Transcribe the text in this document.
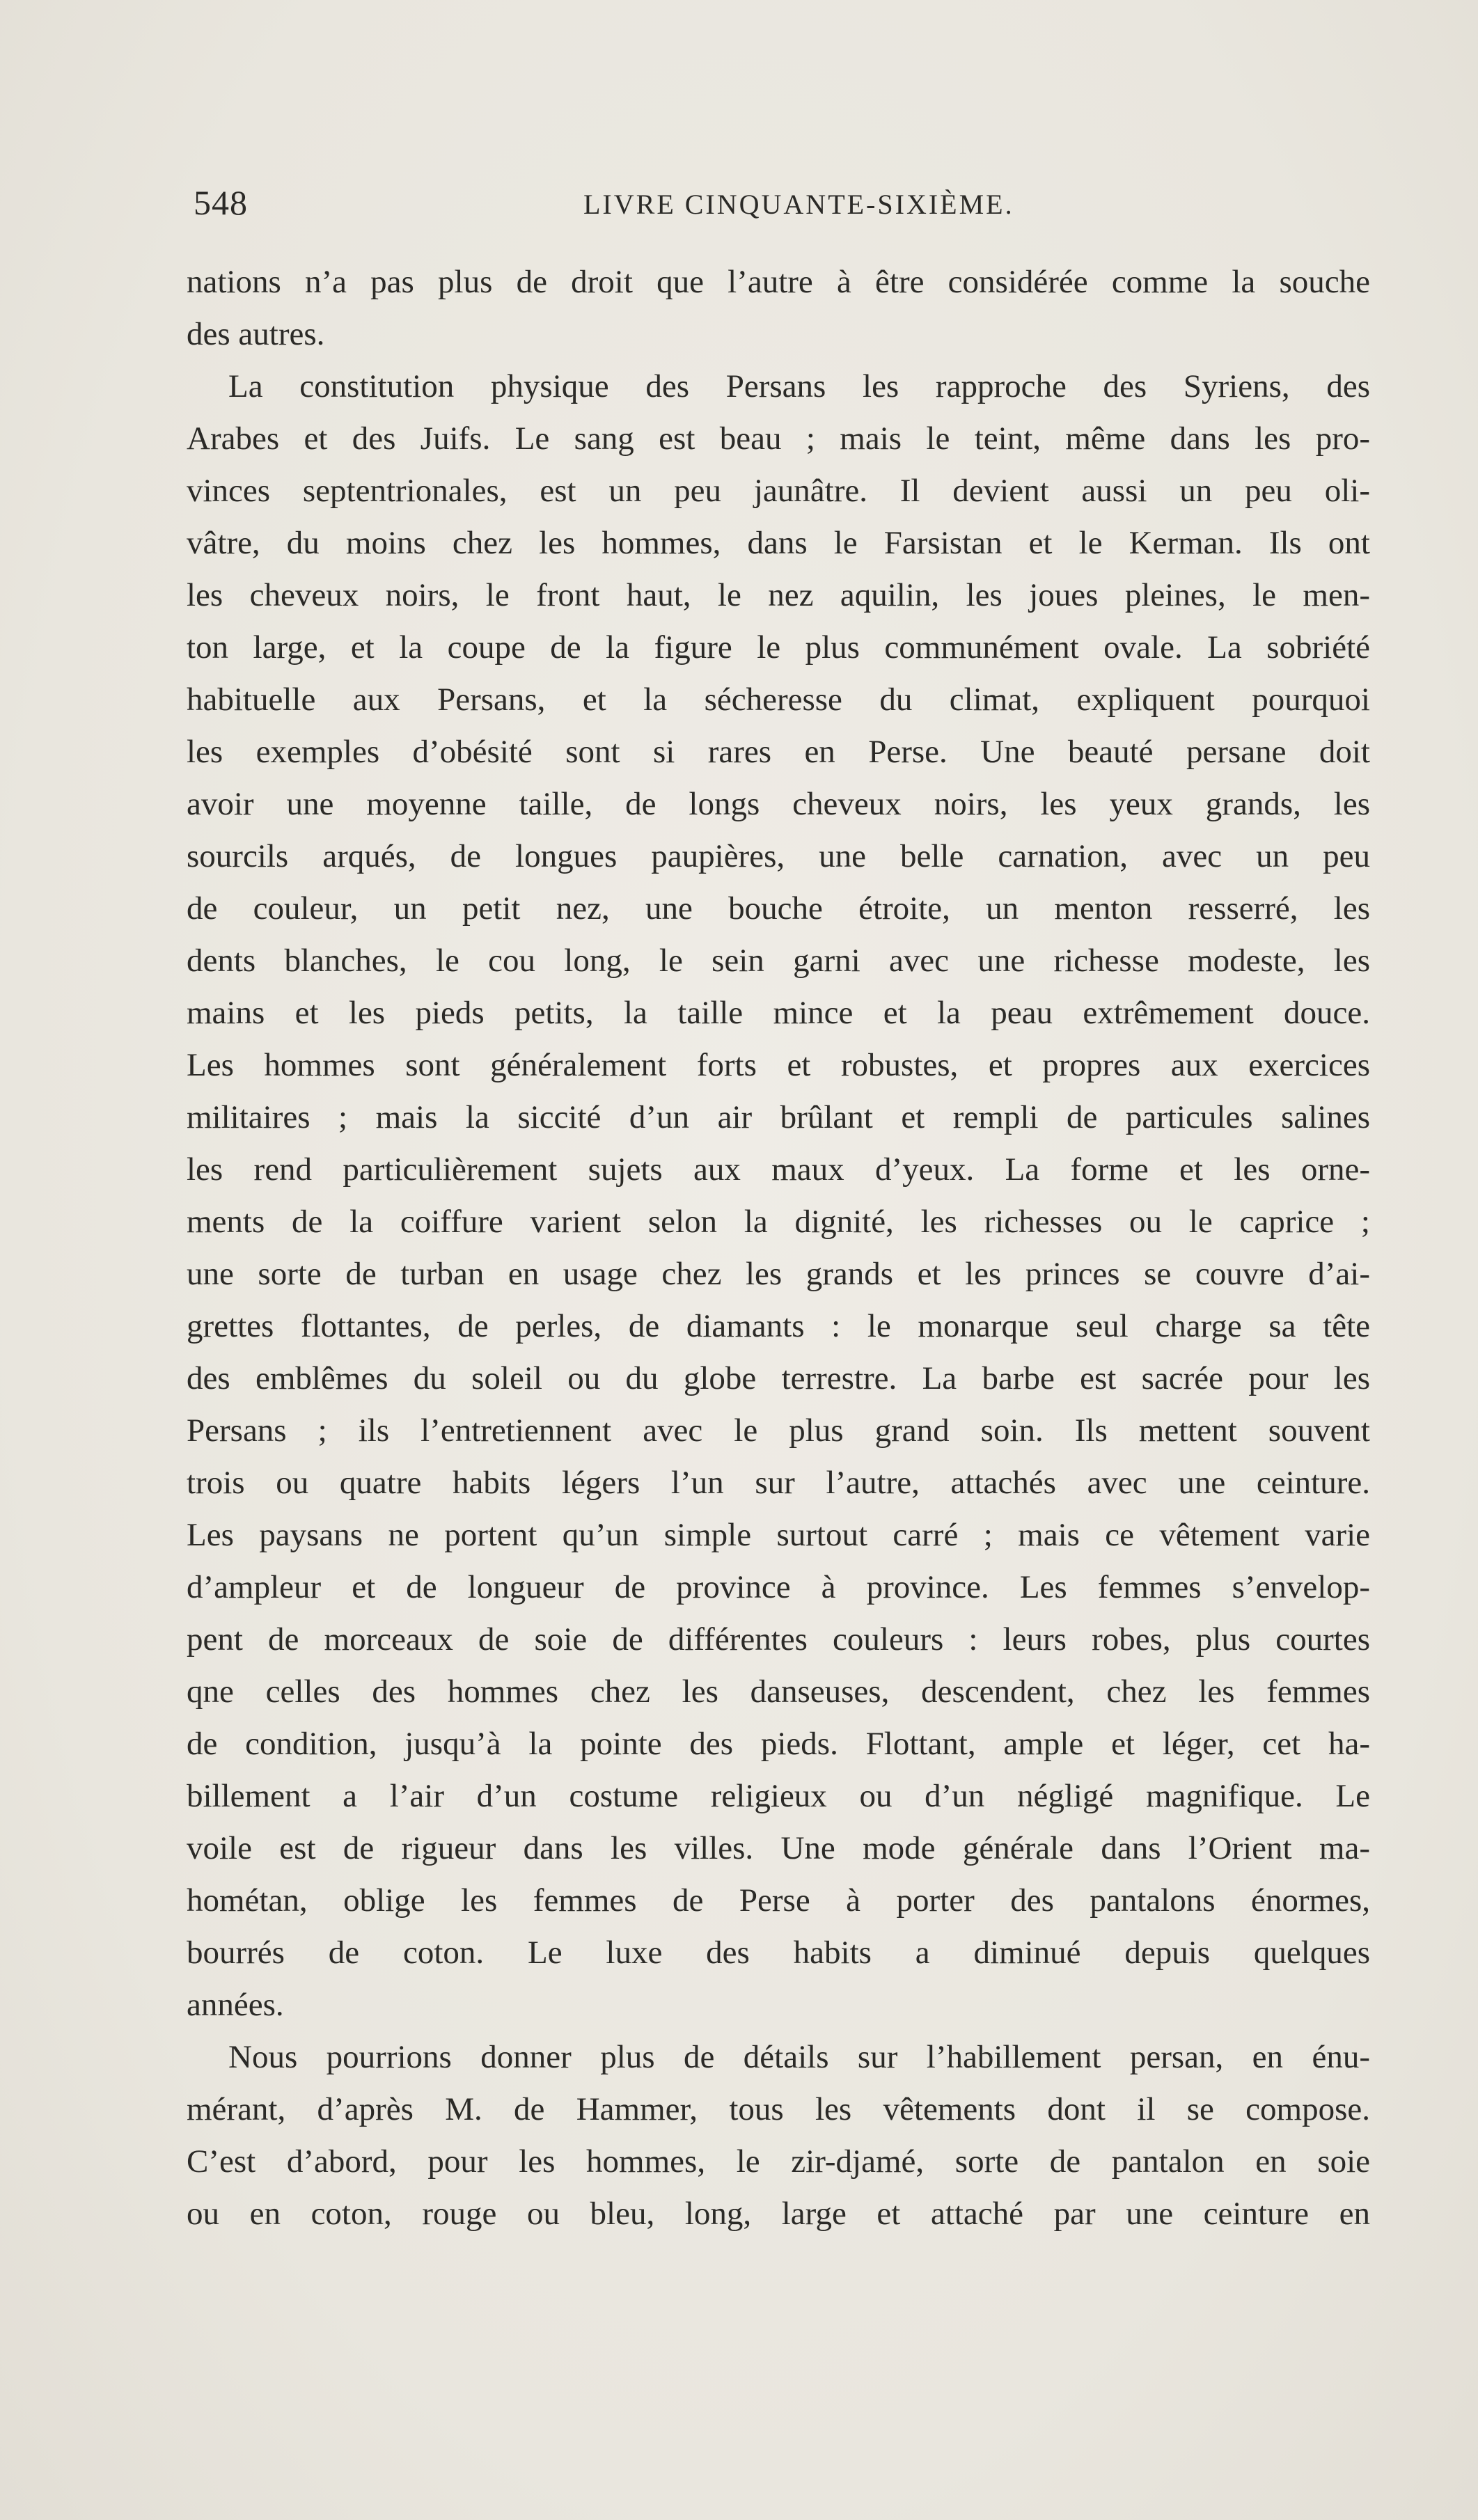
548	LIVRE CINQUANTE-SIXIÈME.
nations n’a pas plus de droit que l’autre à être considérée comme la souche
des autres.
La constitution physique des Persans les rapproche des Syriens, des
Arabes et des Juifs. Le sang est beau ; mais le teint, même dans les pro-
vinces septentrionales, est un peu jaunâtre. Il devient aussi un peu oli-
vâtre, du moins chez les hommes, dans le Farsistan et le Kerman. Ils ont
les cheveux noirs, le front haut, le nez aquilin, les joues pleines, le men-
ton large, et la coupe de la figure le plus communément ovale. La sobriété
habituelle aux Persans, et la sécheresse du climat, expliquent pourquoi
les exemples d’obésité sont si rares en Perse. Une beauté persane doit
avoir une moyenne taille, de longs cheveux noirs, les yeux grands, les
sourcils arqués, de longues paupières, une belle carnation, avec un peu
de couleur, un petit nez, une bouche étroite, un menton resserré, les
dents blanches, le cou long, le sein garni avec une richesse modeste, les
mains et les pieds petits, la taille mince et la peau extrêmement douce.
Les hommes sont généralement forts et robustes, et propres aux exercices
militaires ; mais la siccité d’un air brûlant et rempli de particules salines
les rend particulièrement sujets aux maux d’yeux. La forme et les orne-
ments de la coiffure varient selon la dignité, les richesses ou le caprice ;
une sorte de turban en usage chez les grands et les princes se couvre d’ai-
grettes flottantes, de perles, de diamants : le monarque seul charge sa tête
des emblêmes du soleil ou du globe terrestre. La barbe est sacrée pour les
Persans ; ils l’entretiennent avec le plus grand soin. Ils mettent souvent
trois ou quatre habits légers l’un sur l’autre, attachés avec une ceinture.
Les paysans ne portent qu’un simple surtout carré ; mais ce vêtement varie
d’ampleur et de longueur de province à province. Les femmes s’envelop-
pent de morceaux de soie de différentes couleurs : leurs robes, plus courtes
qne celles des hommes chez les danseuses, descendent, chez les femmes
de condition, jusqu’à la pointe des pieds. Flottant, ample et léger, cet ha-
billement a l’air d’un costume religieux ou d’un négligé magnifique. Le
voile est de rigueur dans les villes. Une mode générale dans l’Orient ma-
hométan, oblige les femmes de Perse à porter des pantalons énormes,
bourrés de coton. Le luxe des habits a diminué depuis quelques
années.
Nous pourrions donner plus de détails sur l’habillement persan, en énu-
mérant, d’après M. de Hammer, tous les vêtements dont il se compose.
C’est d’abord, pour les hommes, le zir-djamé, sorte de pantalon en soie
ou en coton, rouge ou bleu, long, large et attaché par une ceinture en
